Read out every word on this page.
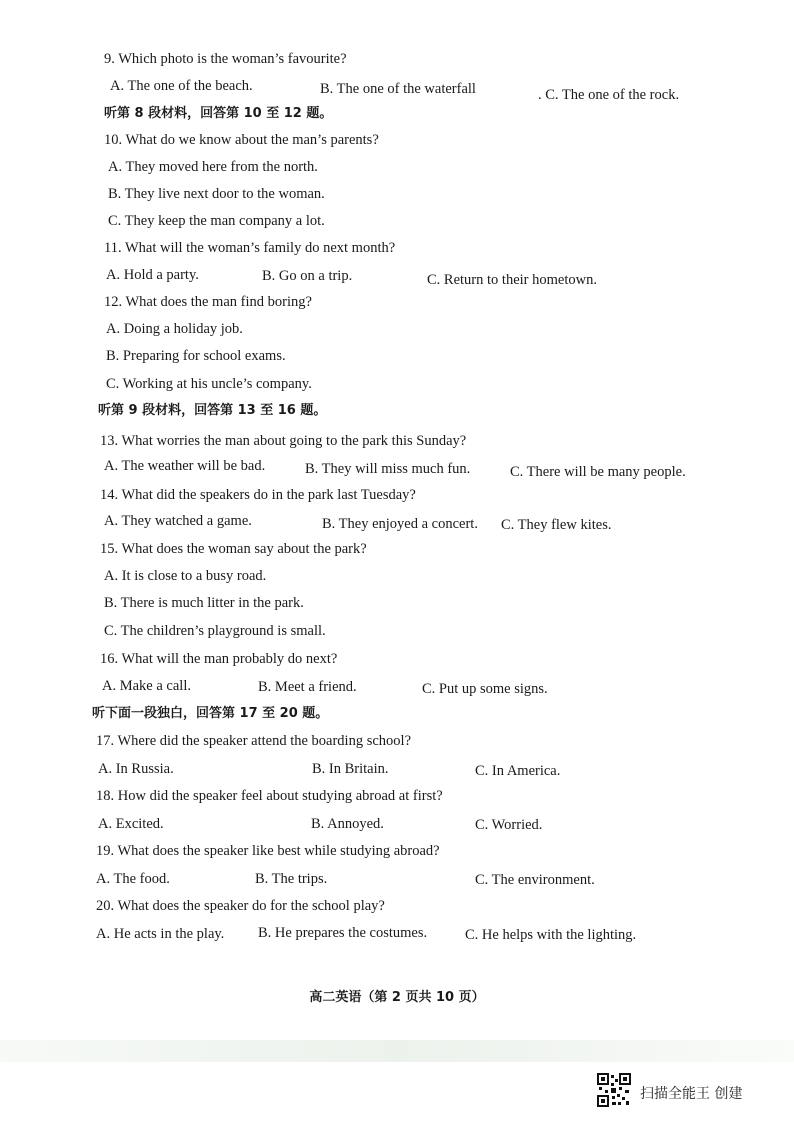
9. Which photo is the woman’s favourite?
A. The one of the beach.	B. The one of the waterfall	. C. The one of the rock.
听第 8 段材料，回答第 10 至 12 题。
10. What do we know about the man’s parents?
A. They moved here from the north.
B. They live next door to the woman.
C. They keep the man company a lot.
11. What will the woman’s family do next month?
A. Hold a party.	B. Go on a trip.	C. Return to their hometown.
12. What does the man find boring?
A. Doing a holiday job.
B. Preparing for school exams.
C. Working at his uncle’s company.
听第 9 段材料，回答第 13 至 16 题。
13. What worries the man about going to the park this Sunday?
A. The weather will be bad.	B. They will miss much fun.	C. There will be many people.
14. What did the speakers do in the park last Tuesday?
A. They watched a game.	B. They enjoyed a concert. C. They flew kites.
15. What does the woman say about the park?
A. It is close to a busy road.
B. There is much litter in the park.
C. The children’s playground is small.
16. What will the man probably do next?
A. Make a call.	B. Meet a friend.	C. Put up some signs.
听下面一段独白，回答第 17 至 20 题。
17. Where did the speaker attend the boarding school?
A. In Russia.	B. In Britain.	C. In America.
18. How did the speaker feel about studying abroad at first?
A. Excited.	B. Annoyed.	C. Worried.
19. What does the speaker like best while studying abroad?
A. The food.	B. The trips.	C. The environment.
20. What does the speaker do for the school play?
A. He acts in the play. B. He prepares the costumes.	C. He helps with the lighting.
高二英语（第 2 页共 10 页）
扫描全能王 创建
